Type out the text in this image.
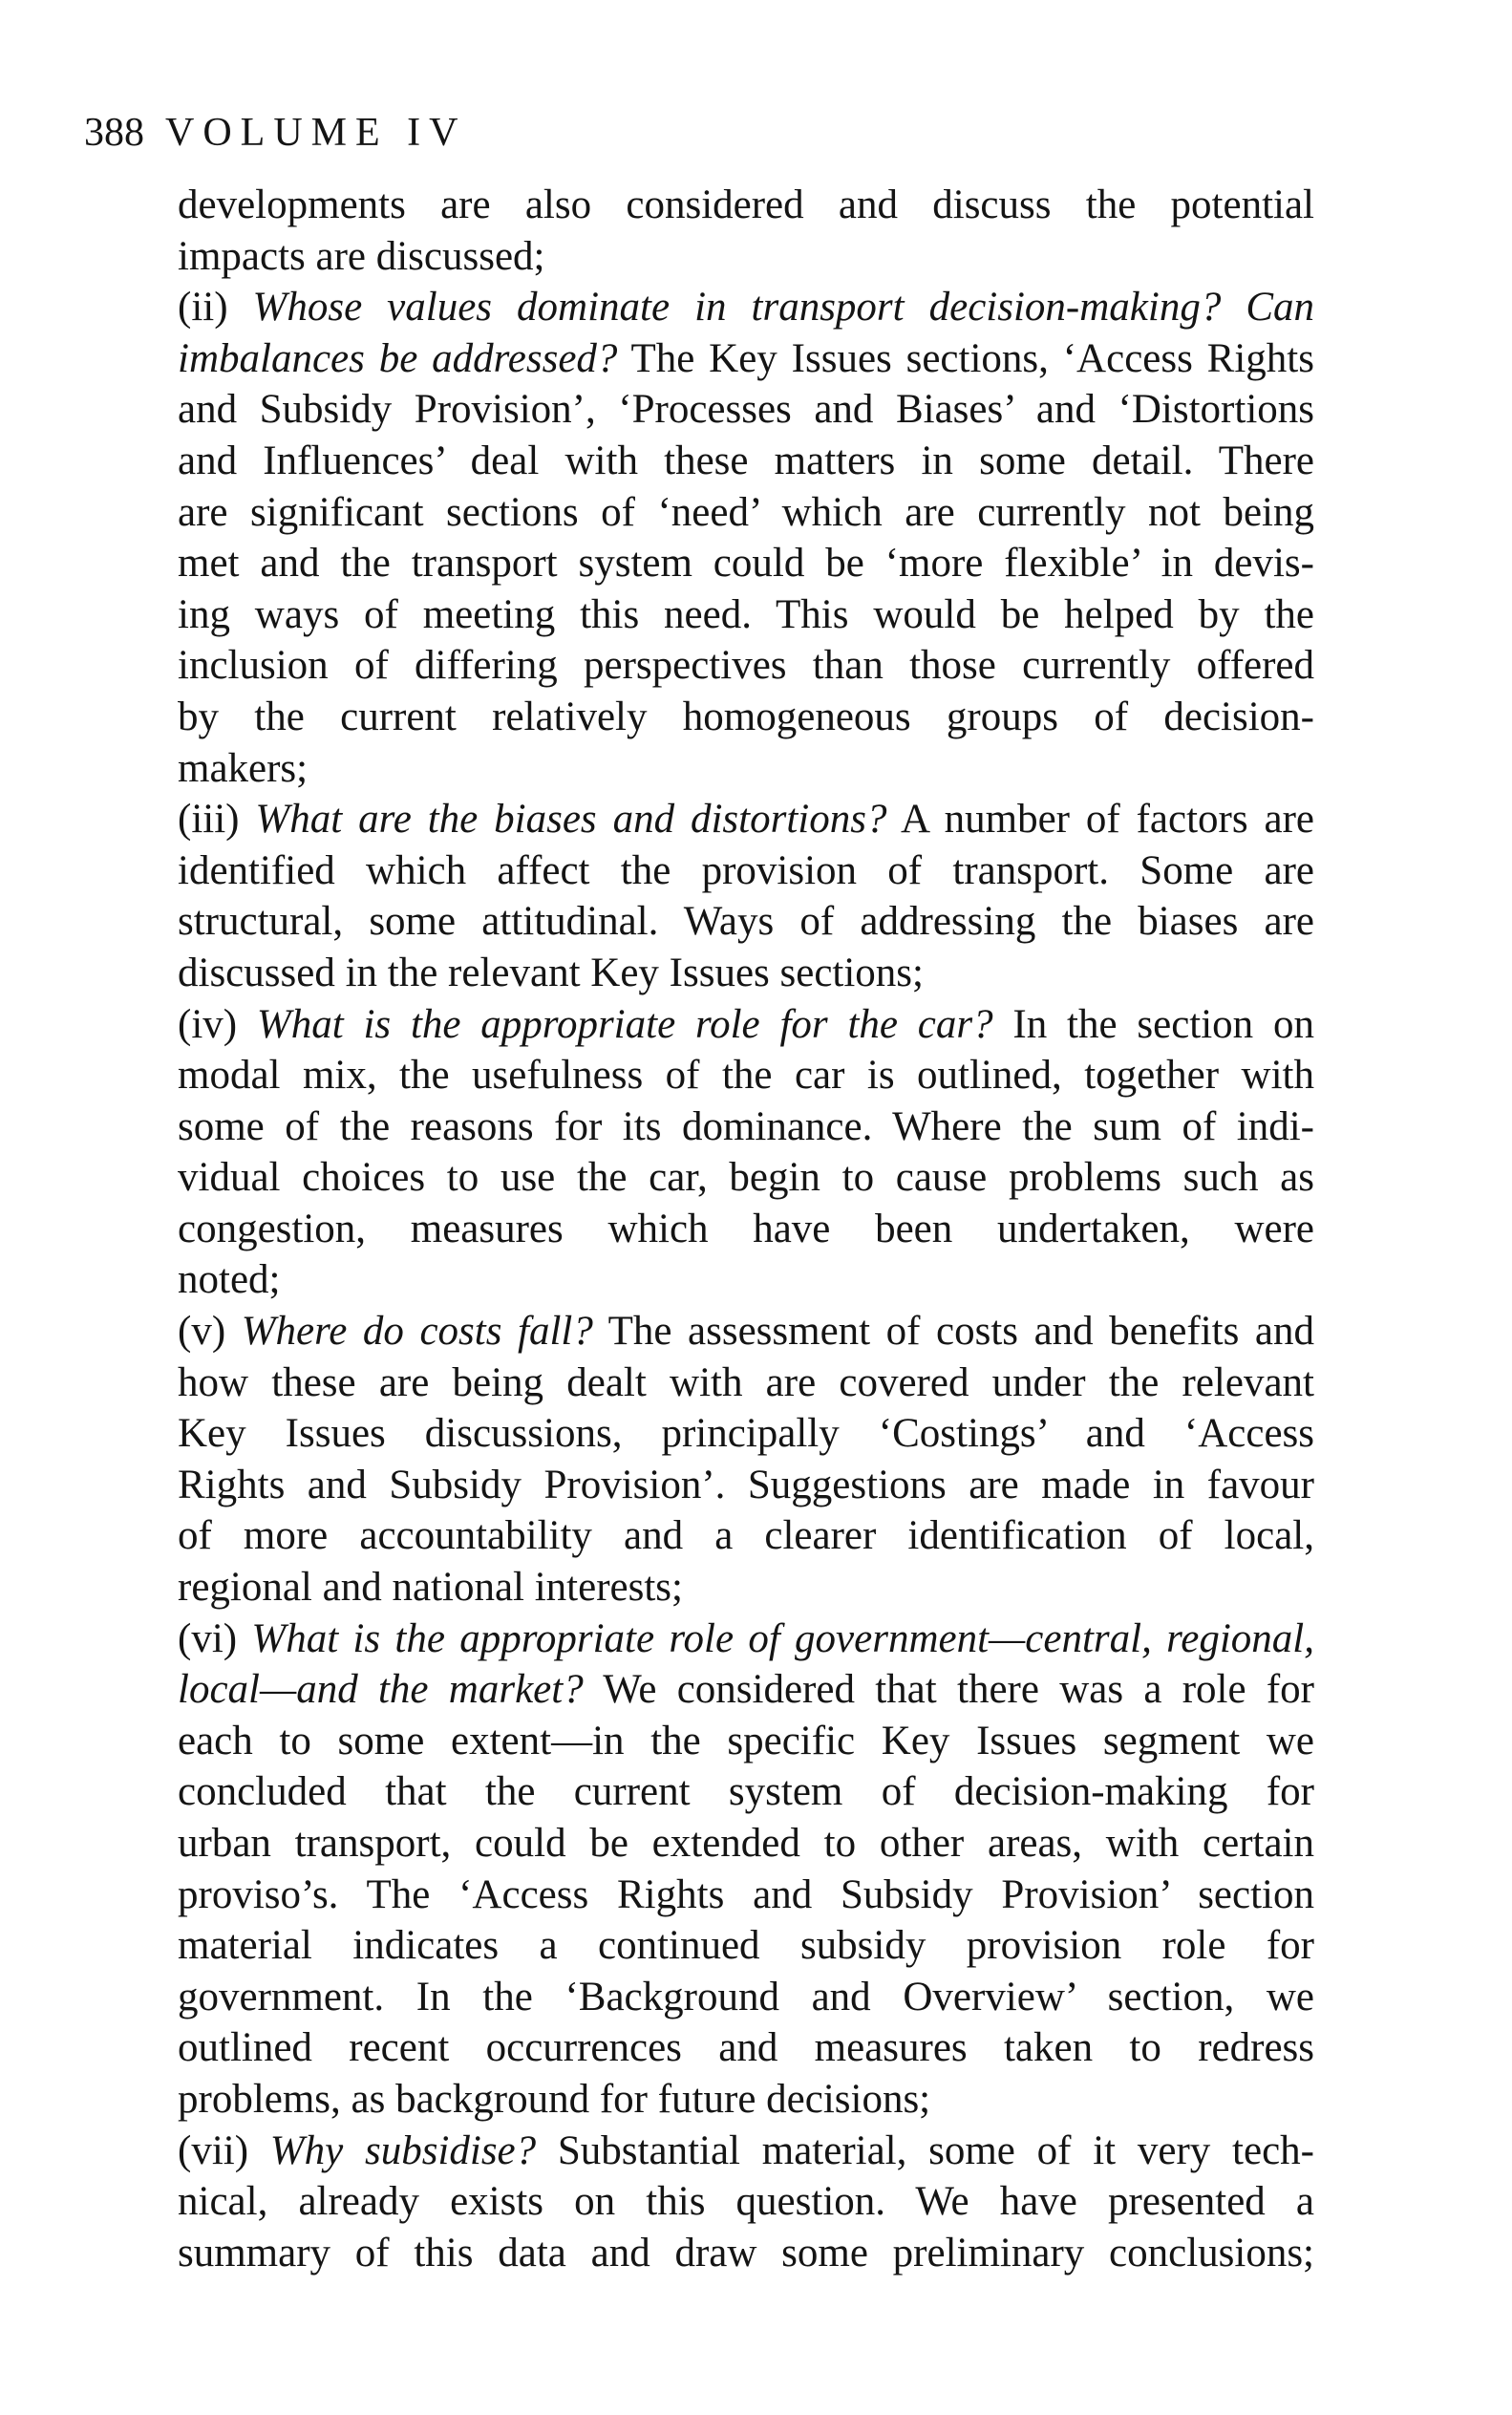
388 VOLUME IV
developments are also considered and discuss the potential
impacts are discussed;
(ii) Whose values dominate in transport decision-making? Can
imbalances be addressed? The Key Issues sections, ‘Access Rights
and Subsidy Provision’, ‘Processes and Biases’ and ‘Distortions
and Influences’ deal with these matters in some detail. There
are significant sections of ‘need’ which are currently not being
met and the transport system could be ‘more flexible’ in devis-
ing ways of meeting this need. This would be helped by the
inclusion of differing perspectives than those currently offered
by the current relatively homogeneous groups of decision-
makers;
(iii) What are the biases and distortions? A number of factors are
identified which affect the provision of transport. Some are
structural, some attitudinal. Ways of addressing the biases are
discussed in the relevant Key Issues sections;
(iv) What is the appropriate role for the car? In the section on
modal mix, the usefulness of the car is outlined, together with
some of the reasons for its dominance. Where the sum of indi-
vidual choices to use the car, begin to cause problems such as
congestion, measures which have been undertaken, were
noted;
(v) Where do costs fall? The assessment of costs and benefits and
how these are being dealt with are covered under the relevant
Key Issues discussions, principally ‘Costings’ and ‘Access
Rights and Subsidy Provision’. Suggestions are made in favour
of more accountability and a clearer identification of local,
regional and national interests;
(vi) What is the appropriate role of government—central, regional,
local—and the market? We considered that there was a role for
each to some extent—in the specific Key Issues segment we
concluded that the current system of decision-making for
urban transport, could be extended to other areas, with certain
proviso’s. The ‘Access Rights and Subsidy Provision’ section
material indicates a continued subsidy provision role for
government. In the ‘Background and Overview’ section, we
outlined recent occurrences and measures taken to redress
problems, as background for future decisions;
(vii) Why subsidise? Substantial material, some of it very tech-
nical, already exists on this question. We have presented a
summary of this data and draw some preliminary conclusions;
